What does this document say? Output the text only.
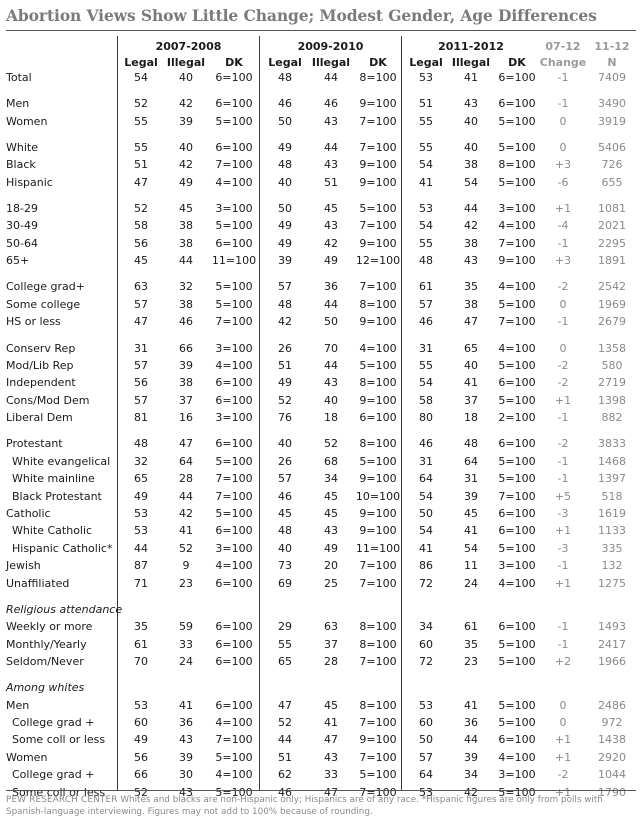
Abortion Views Show Little Change; Modest Gender, Age Differences
2007-2008	2009-2010	2011-2012	07-12	11-12
Legal Illegal	DK	Legal Illegal	DK	Legal Illegal	DK	Change	N
Total	54	40	6=100	48	44	8=100	53	41	6=100	-1	7409
Men	52	42	6=100	46	46	9=100	51	43	6=100	-1	3490
Women	55	39	5=100	50	43	7=100	55	40	5=100	0	3919
White	55	40	6=100	49	44	7=100	55	40	5=100	0	5406
Black	51	42	7=100	48	43	9=100	54	38	8=100	+3	726
Hispanic	47	49	4=100	40	51	9=100	41	54	5=100	-6	655
18-29	52	45	3=100	50	45	5=100	53	44	3=100	+1	1081
30-49	58	38	5=100	49	43	7=100	54	42	4=100	-4	2021
50-64	56	38	6=100	49	42	9=100	55	38	7=100	-1	2295
65+	45	44	11=100	39	49	12=100	48	43	9=100	+3	1891
College grad+	63	32	5=100	57	36	7=100	61	35	4=100	-2	2542
Some college	57	38	5=100	48	44	8=100	57	38	5=100	0	1969
HS or less	47	46	7=100	42	50	9=100	46	47	7=100	-1	2679
Conserv Rep	31	66	3=100	26	70	4=100	31	65	4=100	0	1358
Mod/Lib Rep	57	39	4=100	51	44	5=100	55	40	5=100	-2	580
Independent	56	38	6=100	49	43	8=100	54	41	6=100	-2	2719
Cons/Mod Dem	57	37	6=100	52	40	9=100	58	37	5=100	+1	1398
Liberal Dem	81	16	3=100	76	18	6=100	80	18	2=100	-1	882
Protestant	48	47	6=100	40	52	8=100	46	48	6=100	-2	3833
White evangelical	32	64	5=100	26	68	5=100	31	64	5=100	-1	1468
White mainline	65	28	7=100	57	34	9=100	64	31	5=100	-1	1397
Black Protestant	49	44	7=100	46	45	10=100	54	39	7=100	+5	518
Catholic	53	42	5=100	45	45	9=100	50	45	6=100	-3	1619
White Catholic	53	41	6=100	48	43	9=100	54	41	6=100	+1	1133
Hispanic Catholic*	44	52	3=100	40	49	11=100	41	54	5=100	-3	335
Jewish	87	9	4=100	73	20	7=100	86	11	3=100	-1	132
Unaffiliated	71	23	6=100	69	25	7=100	72	24	4=100	+1	1275
Religious attendance
Weekly or more	35	59	6=100	29	63	8=100	34	61	6=100	-1	1493
Monthly/Yearly	61	33	6=100	55	37	8=100	60	35	5=100	-1	2417
Seldom/Never	70	24	6=100	65	28	7=100	72	23	5=100	+2	1966
Among whites
Men	53	41	6=100	47	45	8=100	53	41	5=100	0	2486
College grad +	60	36	4=100	52	41	7=100	60	36	5=100	0	972
Some coll or less	49	43	7=100	44	47	9=100	50	44	6=100	+1	1438
Women	56	39	5=100	51	43	7=100	57	39	4=100	+1	2920
College grad +	66	30	4=100	62	33	5=100	64	34	3=100	-2	1044
Some coll or less	52	43	5=100	46	47	7=100	53	42	5=100	+1	1790
PEW RESEARCH CENTER Whites and blacks are non-Hispanic only; Hispanics are of any race. *Hispanic figures are only from polls with Spanish-language interviewing. Figures may not add to 100% because of rounding.
